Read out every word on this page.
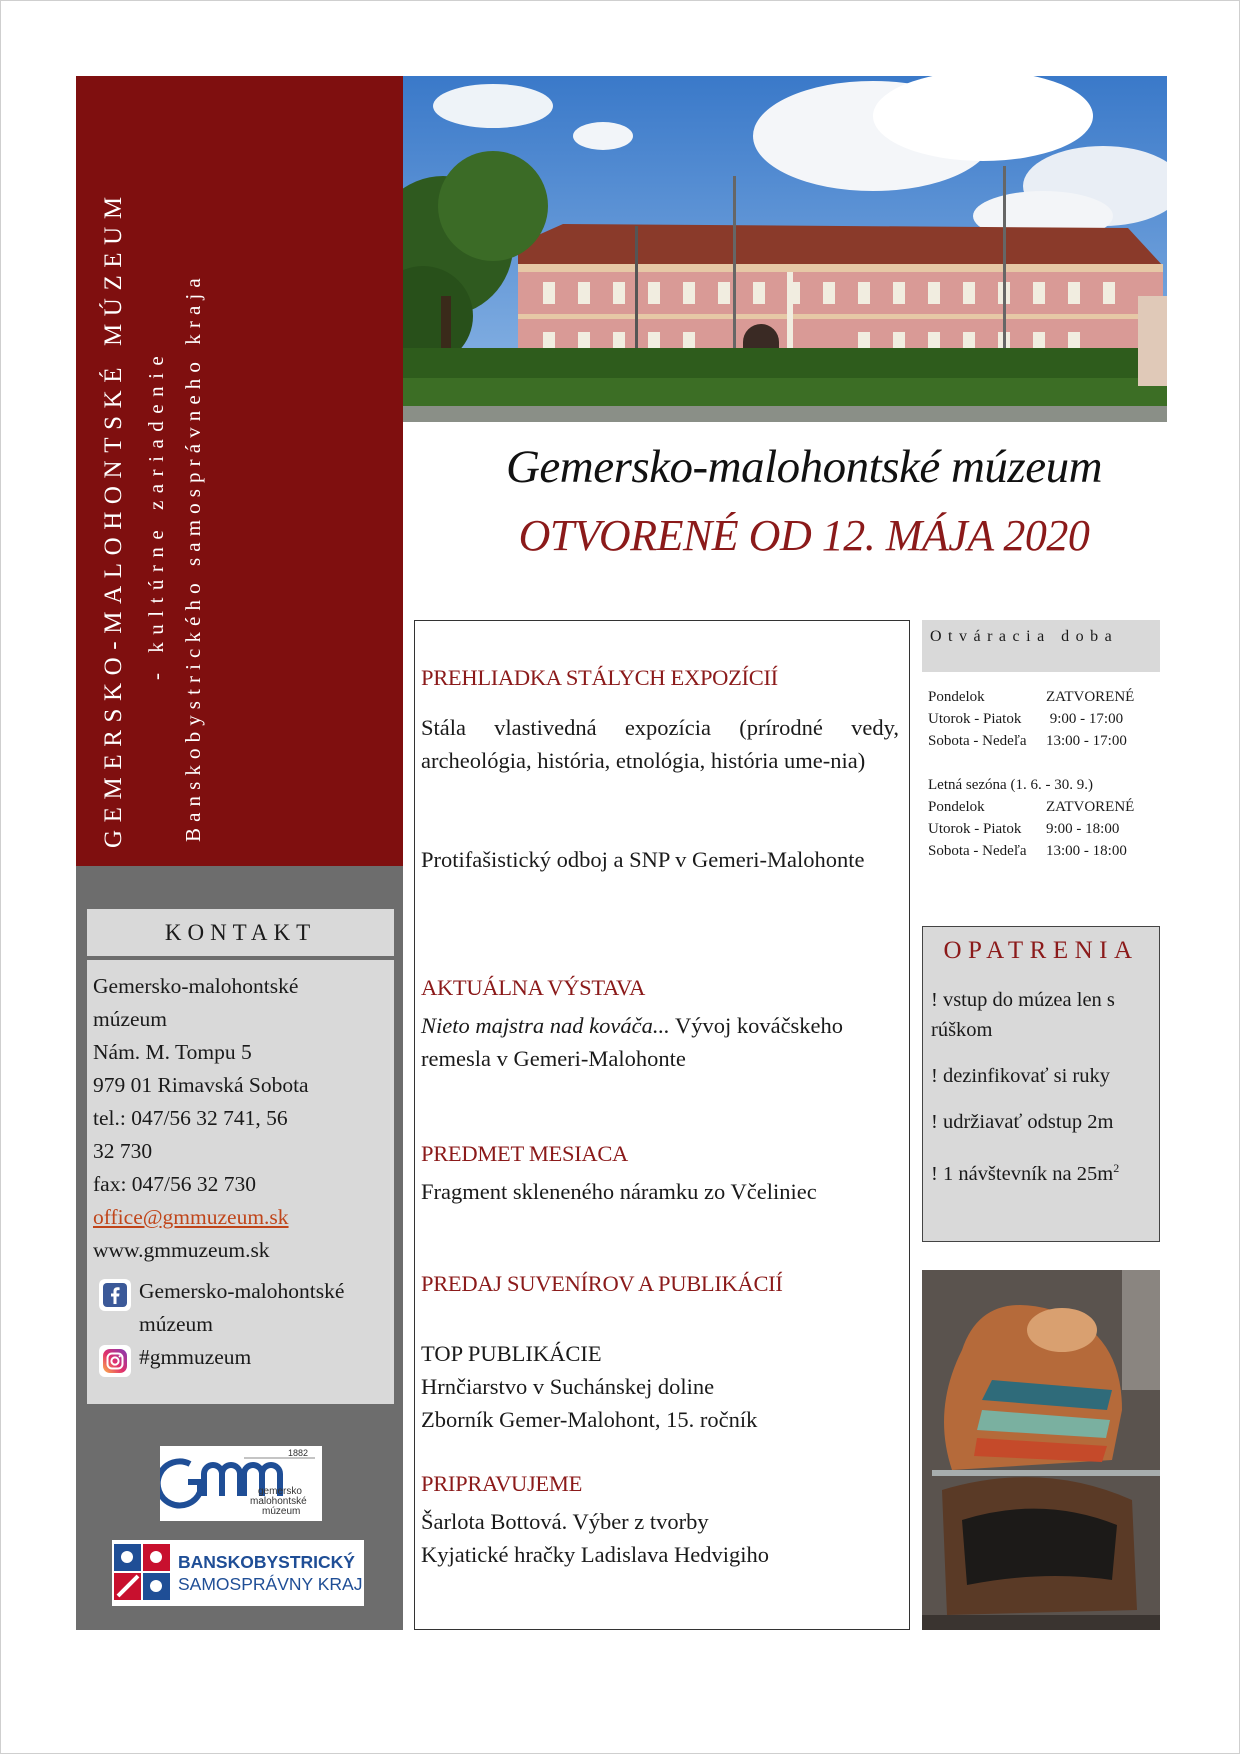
GEMERSKO-MALOHONTSKÉ MÚZEUM - kultúrne zariadenie Banskobystrického samosprávneho kraja
KONTAKT
Gemersko-malohontské
múzeum
Nám. M. Tompu 5
979 01 Rimavská Sobota
tel.: 047/56 32 741, 56
32 730
fax: 047/56 32 730
office@gmmuzeum.sk
www.gmmuzeum.sk
Gemersko-malohontské
múzeum
#gmmuzeum
1882
gemersko
malohontské
múzeum
BANSKOBYSTRICKÝ
SAMOSPRÁVNY KRAJ
Gemersko-malohontské múzeum
OTVORENÉ OD 12. MÁJA 2020
PREHLIADKA STÁLYCH EXPOZÍCIÍ
Stála vlastivedná expozícia (prírodné vedy, archeológia, história, etnológia, história ume-nia)
Protifašistický odboj a SNP v Gemeri-Malohonte
AKTUÁLNA VÝSTAVA
Nieto majstra nad kováča... Vývoj kováčskeho remesla v Gemeri-Malohonte
PREDMET MESIACA
Fragment skleneného náramku zo Včeliniec
PREDAJ SUVENÍROV A PUBLIKÁCIÍ
TOP PUBLIKÁCIE
Hrnčiarstvo v Suchánskej doline
Zborník Gemer-Malohont, 15. ročník
PRIPRAVUJEME
Šarlota Bottová. Výber z tvorby
Kyjatické hračky Ladislava Hedvigiho
Otváracia doba
Pondelok	ZATVORENÉ
Utorok - Piatok	9:00 - 17:00
Sobota - Nedeľa	13:00 - 17:00
Letná sezóna (1. 6. - 30. 9.)
Pondelok	ZATVORENÉ
Utorok - Piatok	9:00 - 18:00
Sobota - Nedeľa	13:00 - 18:00
OPATRENIA
! vstup do múzea len s rúškom
! dezinfikovať si ruky
! udržiavať odstup 2m
! 1 návštevník na $25m^2$
